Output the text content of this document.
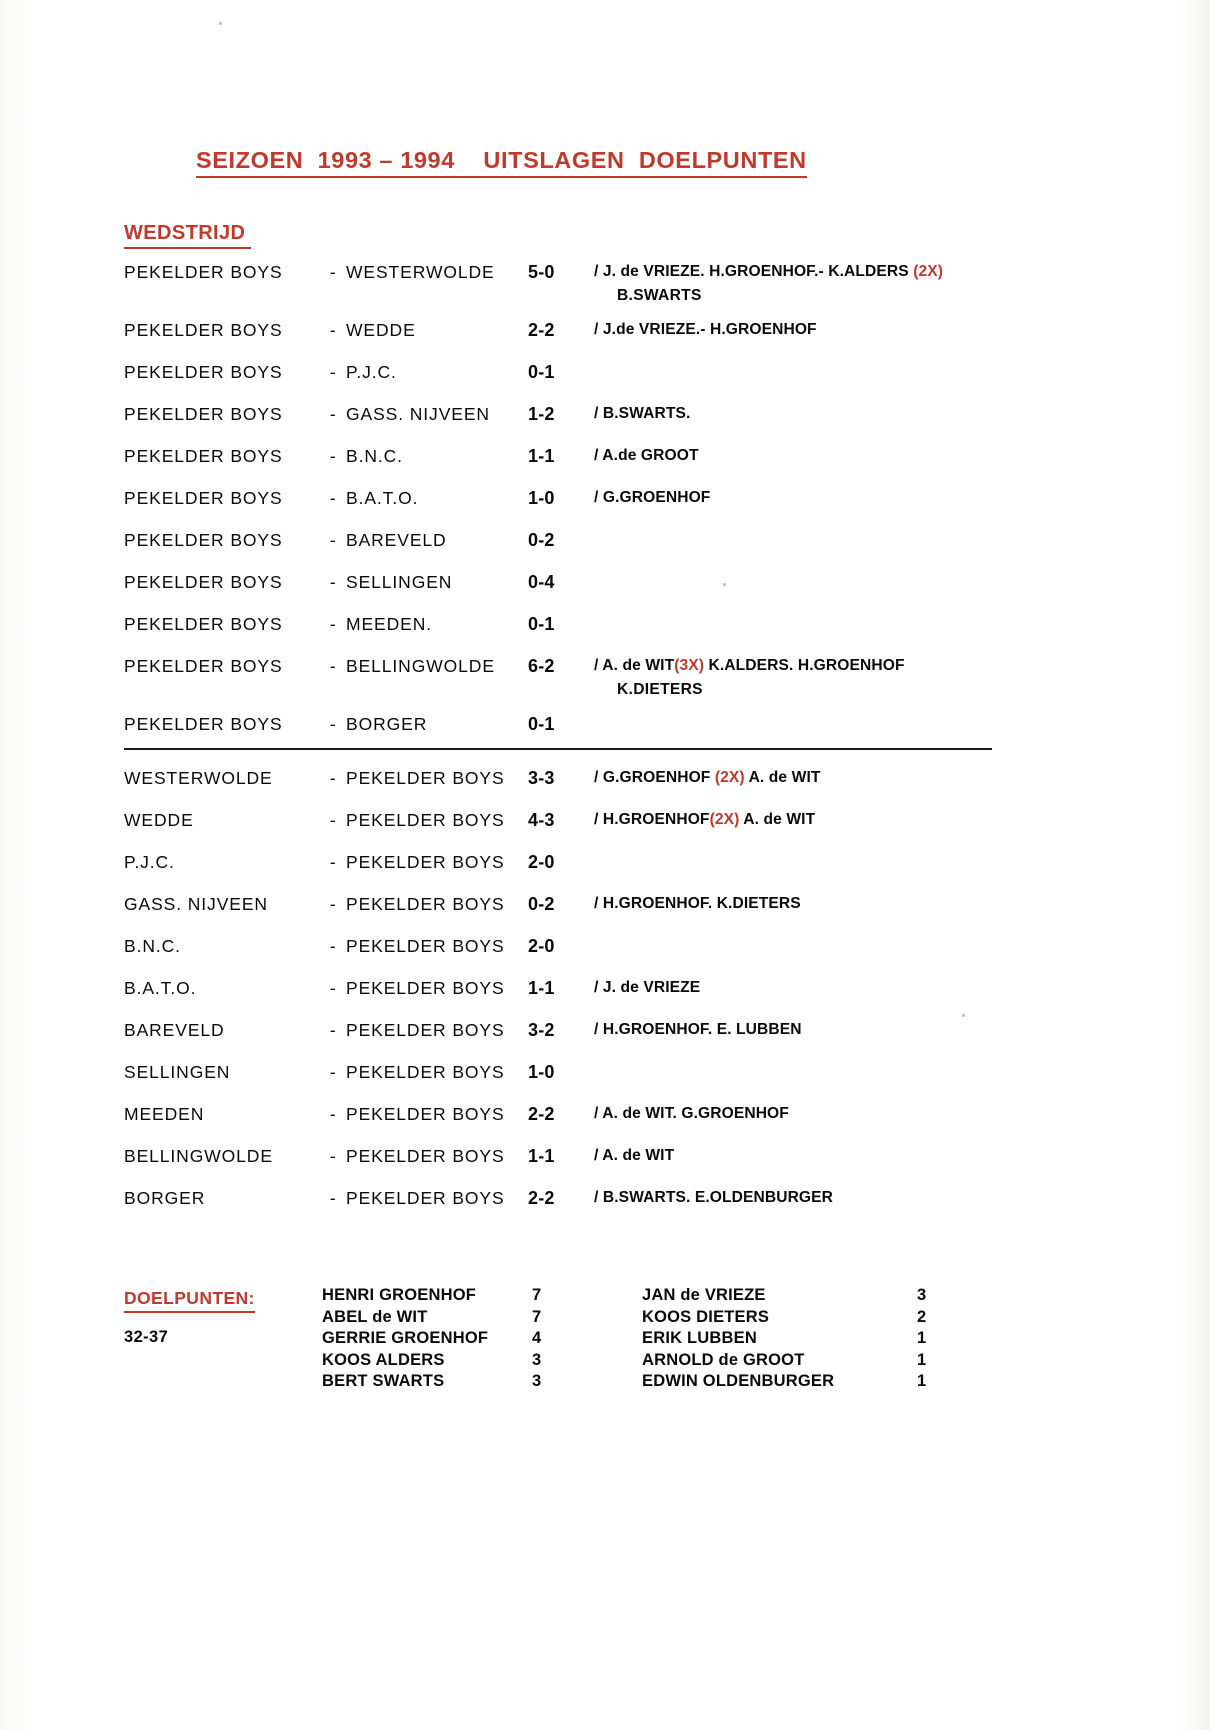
SEIZOEN  1993 – 1994    UITSLAGEN  DOELPUNTEN
WEDSTRIJD
PEKELDER BOYS	- WESTERWOLDE 5-0	/ J. de VRIEZE. H.GROENHOF.- K.ALDERS (2X)
B.SWARTS
PEKELDER BOYS	- WEDDE	2-2	/ J.de VRIEZE.- H.GROENHOF
PEKELDER BOYS	- P.J.C.	0-1
PEKELDER BOYS	- GASS. NIJVEEN 1-2	/ B.SWARTS.
PEKELDER BOYS	- B.N.C.	1-1	/ A.de GROOT
PEKELDER BOYS	- B.A.T.O.	1-0	/ G.GROENHOF
PEKELDER BOYS	- BAREVELD	0-2
PEKELDER BOYS	- SELLINGEN	0-4
PEKELDER BOYS	- MEEDEN.	0-1
PEKELDER BOYS	- BELLINGWOLDE 6-2	/ A. de WIT(3X) K.ALDERS. H.GROENHOF
K.DIETERS
PEKELDER BOYS	- BORGER	0-1
WESTERWOLDE	- PEKELDER BOYS 3-3	/ G.GROENHOF (2X) A. de WIT
WEDDE	- PEKELDER BOYS 4-3	/ H.GROENHOF(2X) A. de WIT
P.J.C.	- PEKELDER BOYS 2-0
GASS. NIJVEEN	- PEKELDER BOYS 0-2	/ H.GROENHOF. K.DIETERS
B.N.C.	- PEKELDER BOYS 2-0
B.A.T.O.	- PEKELDER BOYS 1-1	/ J. de VRIEZE
BAREVELD	- PEKELDER BOYS 3-2	/ H.GROENHOF. E. LUBBEN
SELLINGEN	- PEKELDER BOYS 1-0
MEEDEN	- PEKELDER BOYS 2-2	/ A. de WIT. G.GROENHOF
BELLINGWOLDE	- PEKELDER BOYS 1-1	/ A. de WIT
BORGER	- PEKELDER BOYS 2-2	/ B.SWARTS. E.OLDENBURGER
DOELPUNTEN:
32-37
HENRI GROENHOF	7	JAN de VRIEZE	3
ABEL de WIT	7	KOOS DIETERS	2
GERRIE GROENHOF	4	ERIK LUBBEN	1
KOOS ALDERS	3	ARNOLD de GROOT	1
BERT SWARTS	3	EDWIN OLDENBURGER	1
